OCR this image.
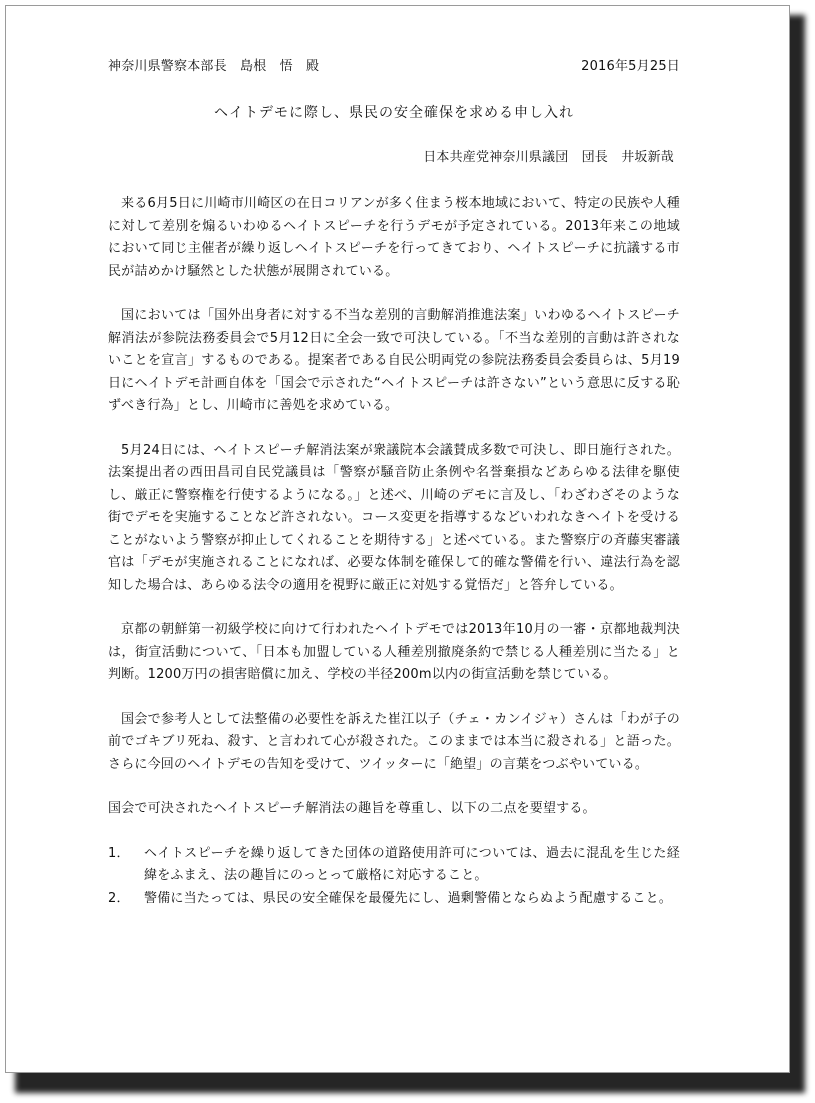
神奈川県警察本部長　島根　悟　殿	2016年5月25日
ヘイトデモに際し、県民の安全確保を求める申し入れ
日本共産党神奈川県議団　団長　井坂新哉

来る6月5日に川崎市川崎区の在日コリアンが多く住まう桜本地域において、特定の民族や人種に対して差別を煽るいわゆるヘイトスピーチを行うデモが予定されている。2013年来この地域において同じ主催者が繰り返しヘイトスピーチを行ってきており、ヘイトスピーチに抗議する市民が詰めかけ騒然とした状態が展開されている。

国においては「国外出身者に対する不当な差別的言動解消推進法案」いわゆるヘイトスピーチ解消法が参院法務委員会で5月12日に全会一致で可決している。「不当な差別的言動は許されないことを宣言」するものである。提案者である自民公明両党の参院法務委員会委員らは、5月19日にヘイトデモ計画自体を「国会で示された“ヘイトスピーチは許さない”という意思に反する恥ずべき行為」とし、川崎市に善処を求めている。

5月24日には、ヘイトスピーチ解消法案が衆議院本会議賛成多数で可決し、即日施行された。法案提出者の西田昌司自民党議員は「警察が騒音防止条例や名誉棄損などあらゆる法律を駆使し、厳正に警察権を行使するようになる。」と述べ、川崎のデモに言及し、「わざわざそのような街でデモを実施することなど許されない。コース変更を指導するなどいわれなきヘイトを受けることがないよう警察が抑止してくれることを期待する」と述べている。また警察庁の斉藤実審議官は「デモが実施されることになれば、必要な体制を確保して的確な警備を行い、違法行為を認知した場合は、あらゆる法令の適用を視野に厳正に対処する覚悟だ」と答弁している。

京都の朝鮮第一初級学校に向けて行われたヘイトデモでは2013年10月の一審・京都地裁判決は，街宣活動について、「日本も加盟している人種差別撤廃条約で禁じる人種差別に当たる」と判断。1200万円の損害賠償に加え、学校の半径200m以内の街宣活動を禁じている。

国会で参考人として法整備の必要性を訴えた崔江以子（チェ・カンイジャ）さんは「わが子の前でゴキブリ死ね、殺す、と言われて心が殺された。このままでは本当に殺される」と語った。さらに今回のヘイトデモの告知を受けて、ツイッターに「絶望」の言葉をつぶやいている。

国会で可決されたヘイトスピーチ解消法の趣旨を尊重し、以下の二点を要望する。

1．	ヘイトスピーチを繰り返してきた団体の道路使用許可については、過去に混乱を生じた経緯をふまえ、法の趣旨にのっとって厳格に対応すること。
2．	警備に当たっては、県民の安全確保を最優先にし、過剰警備とならぬよう配慮すること。
